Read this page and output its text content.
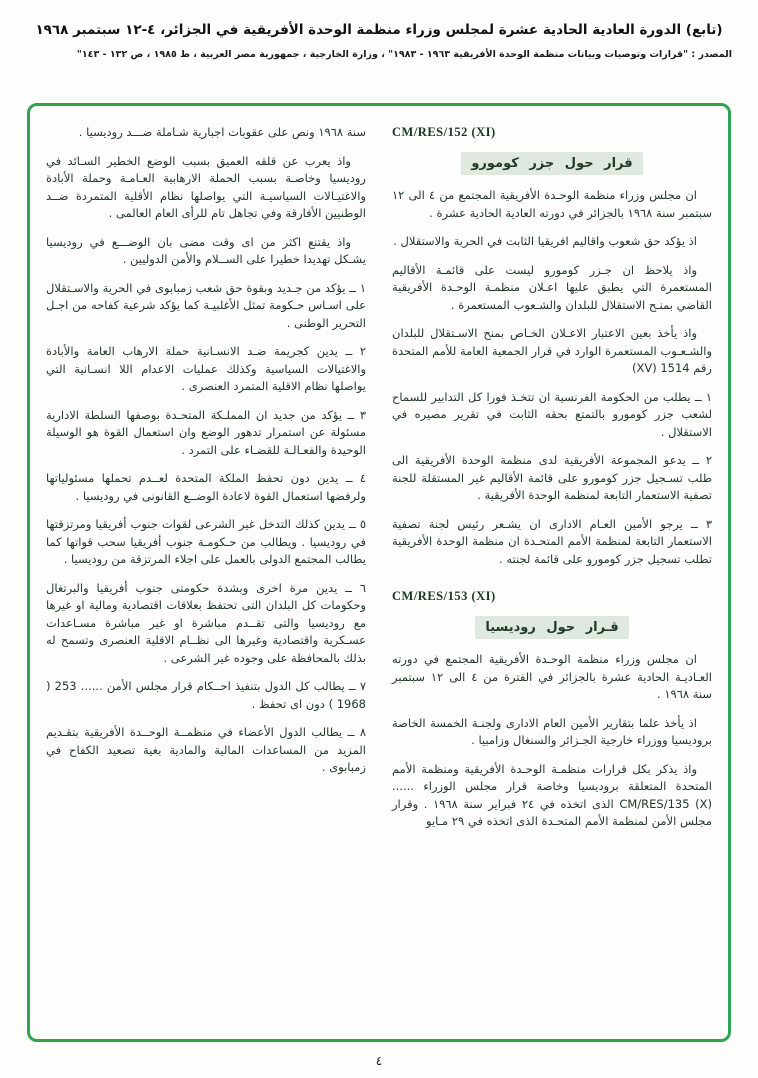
(تابع) الدورة العادية الحادية عشرة لمجلس وزراء منظمة الوحدة الأفريقية في الجزائر، ٤-١٢ سبتمبر ١٩٦٨
المصدر : "قرارات وتوصيات وبيانات منظمة الوحدة الأفريقية ١٩٦٣ - ١٩٨٣" ، وزارة الخارجية ، جمهورية مصر العربية ، ط ١٩٨٥ ، ص ١٣٢ - ١٤٣"
CM/RES/152 (XI)
قرار حول جزر كومورو

ان مجلس وزراء منظمة الوحـدة الأفريقية المجتمع من ٤ الى ١٢ سبتمبر سنة ١٩٦٨ بالجزائر في دورته العادية الحادية عشرة .

اذ يؤكد حق شعوب واقاليم افريقيا الثابت في الحرية والاستقلال .

واذ يلاحظ ان جـزر كومورو ليست على قائمـة الأقاليم المستعمرة التي يطبق عليها اعـلان منظمـة الوحـدة الأفريقية القاضي بمنـح الاستقلال للبلدان والشـعوب المستعمرة .

واذ يأخذ بعين الاعتبار الاعـلان الخـاص بمنح الاسـتقلال للبلدان والشـعـوب المستعمرة الوارد في قرار الجمعية العامة للأمم المتحدة رقم 1514 (XV)

١ ــ يطلب من الحكومة الفرنسية ان تتخـذ فورا كل التدابير للسماح لشعب جزر كومورو بالتمتع بحقه الثابت في تقرير مصيره في الاستقلال .

٢ ــ يدعو المجموعة الأفريقية لدى منظمة الوحدة الأفريقية الى طلب تسـجيل جزر كومورو على قائمة الأقاليم غير المستقلة للجنة تصفية الاستعمار التابعة لمنظمة الوحدة الأفريقية .

٣ ــ يرجو الأمين العـام الادارى ان يشـعر رئيس لجنة تصفية الاستعمار التابعة لمنظمة الأمم المتحـدة ان منظمة الوحدة الأفريقية تطلب تسجيل جزر كومورو على قائمة لجنته .

CM/RES/153 (XI)
قـرار حول روديسيا

ان مجلس وزراء منظمة الوحـدة الأفريقية المجتمع في دورته العـاديـة الحادية عشرة بالجزائر في الفترة من ٤ الى ١٢ سبتمبر سنة ١٩٦٨ .

اذ يأخذ علما بتقارير الأمين العام الادارى ولجنـة الخمسة الخاصة بروديسيا ووزراء خارجية الجـزائر والسنغال وزامبيا .

واذ يذكر بكل قرارات منظمـة الوحـدة الأفريقية ومنظمة الأمم المتحدة المتعلقة بروديسيا وخاصة قرار مجلس الوزراء ...... CM/RES/135 (X) الذى اتخذه في ٢٤ فبراير سنة ١٩٦٨ . وقرار مجلس الأمن لمنظمة الأمم المتحـدة الذى اتخذه في ٢٩ مـايو

سنة ١٩٦٨ ونص على عقوبات اجبارية شـاملة ضـــد روديسيا .

واذ يعرب عن قلقه العميق بسبب الوضع الخطير السـائد في روديسيا وخاصـة بسبب الحملة الارهابية العـامـة وحملة الأبادة والاغتيـالات السياسيـة التي يواصلها نظام الأقلية المتمردة ضــد الوطنيين الأفارقة وفي تجاهل تام للرأى العام العالمى .

واذ يقتنع اكثر من اى وقت مضى بان الوضـــع في روديسيا يشـكل تهديدا خطيرا على الســلام والأمن الدوليين .

١ ــ يؤكد من جـديد وبقوة حق شعب زمبابوى في الحرية والاسـتقلال على اسـاس حـكومة تمثل الأغلبيـة كما يؤكد شرعية كفاحه من اجـل التحرير الوطنى .

٢ ــ يدين كجريمة ضـد الانسـانية حملة الارهاب العامة والأبادة والاغتيالات السياسية وكذلك عمليات الاعدام اللا انسـانية التي يواصلها نظام الاقلية المتمرد العنصرى .

٣ ــ يؤكد من جديد ان المملـكة المتحـدة بوصفها السلطة الادارية مسئولة عن استمرار تدهور الوضع وان استعمال القوة هو الوسيلة الوحيدة والفعـالـة للقضـاء على التمرد .

٤ ــ يدين دون تحفظ الملكة المتحدة لعــدم تحملها مسئولياتها ولرفضها استعمال القوة لاعادة الوضــع القانونى في روديسيا .

٥ ــ يدين كذلك التدخل غير الشرعى لقوات جنوب أفريقيا ومرتزقتها في روديسيا . ويطالب من حـكومـة جنوب أفريقيا سحب قواتها كما يطالب المجتمع الدولى بالعمل على اجلاء المرتزقة من روديسيا .

٦ ــ يدين مرة اخرى وبشدة حكومتى جنوب أفريقيا والبرتغال وحكومات كل البلدان التى تحتفظ بعلاقات اقتصادية ومالية او غيرها مع روديسيا والتى تقــدم مباشرة او غير مباشرة مسـاعدات عسـكرية واقتصادية وغيرها الى نظــام الاقلية العنصرى وتسمح له بذلك بالمحافظة على وجوده غير الشرعى .

٧ ــ يطالب كل الدول بتنفيذ احــكام قرار مجلس الأمن ...... 253 ( 1968 ) دون اى تحفظ .

٨ ــ يطالب الدول الأعضاء في منظمــة الوحــدة الأفريقية بتقـديم المزيد من المساعدات المالية والمادية بغية تصعيد الكفاح في زمبابوى .

٤
